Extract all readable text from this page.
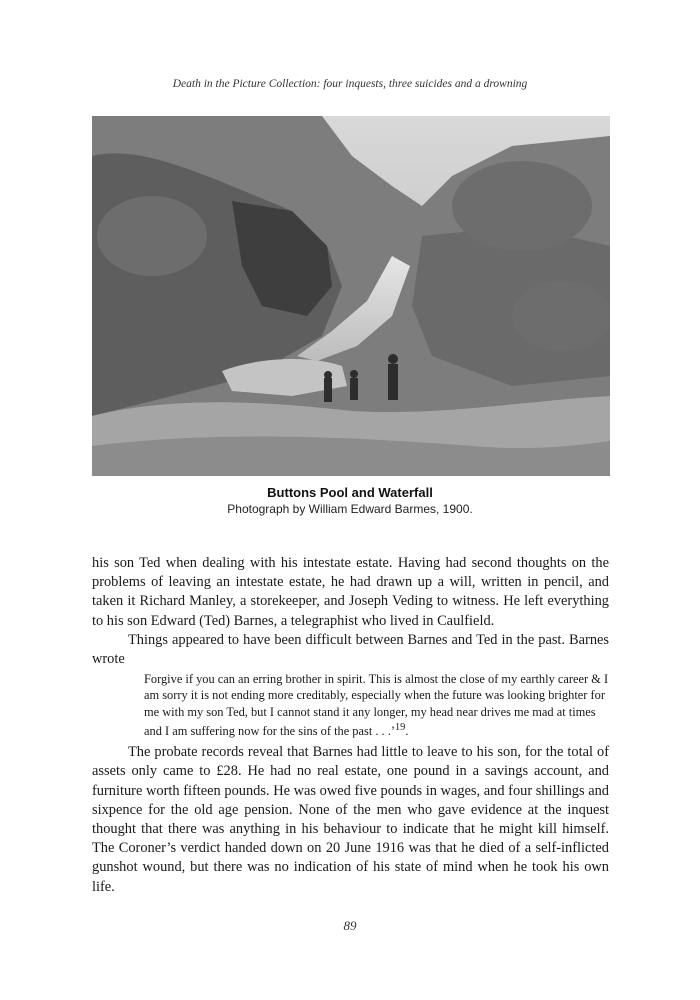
Death in the Picture Collection: four inquests, three suicides and a drowning
Buttons Pool and Waterfall
Photograph by William Edward Barmes, 1900.

his son Ted when dealing with his intestate estate. Having had second thoughts on the problems of leaving an intestate estate, he had drawn up a will, written in pencil, and taken it Richard Manley, a storekeeper, and Joseph Veding to witness. He left everything to his son Edward (Ted) Barnes, a telegraphist who lived in Caulfield.

Things appeared to have been difficult between Barnes and Ted in the past. Barnes wrote

Forgive if you can an erring brother in spirit. This is almost the close of my earthly career & I am sorry it is not ending more creditably, especially when the future was looking brighter for me with my son Ted, but I cannot stand it any longer, my head near drives me mad at times and I am suffering now for the sins of the past . . .’$^{19}$.

The probate records reveal that Barnes had little to leave to his son, for the total of assets only came to £28. He had no real estate, one pound in a savings account, and furniture worth fifteen pounds. He was owed five pounds in wages, and four shillings and sixpence for the old age pension. None of the men who gave evidence at the inquest thought that there was anything in his behaviour to indicate that he might kill himself. The Coroner’s verdict handed down on 20 June 1916 was that he died of a self-inflicted gunshot wound, but there was no indication of his state of mind when he took his own life.

89
